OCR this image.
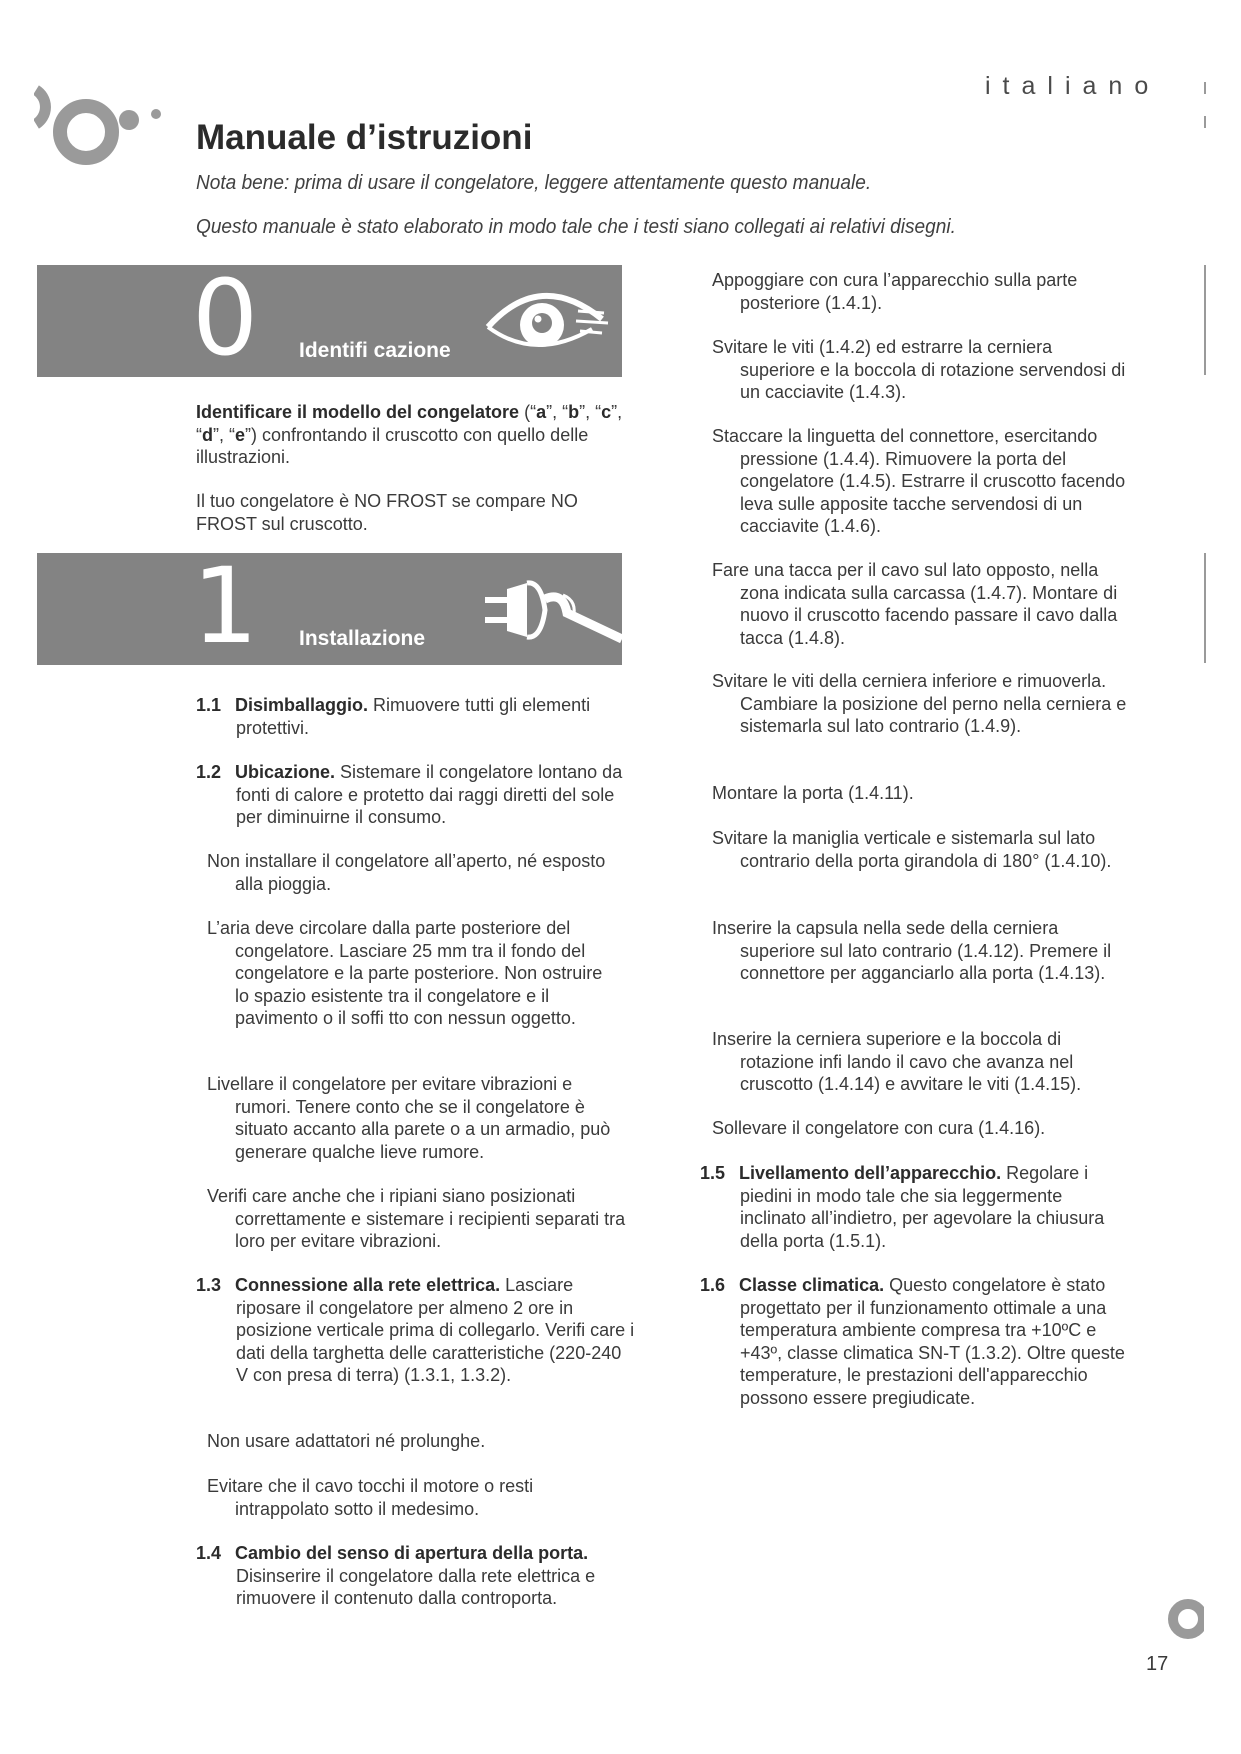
italiano
Manuale d’istruzioni

Nota bene: prima di usare il congelatore, leggere attentamente questo manuale.

Questo manuale è stato elaborato in modo tale che i testi siano collegati ai relativi disegni.

0 Identifi cazione

Identificare il modello del congelatore (“a”, “b”, “c”, “d”, “e”) confrontando il cruscotto con quello delle illustrazioni.

Il tuo congelatore è NO FROST se compare NO FROST sul cruscotto.

1 Installazione

1.1 Disimballaggio. Rimuovere tutti gli elementi protettivi.

1.2 Ubicazione. Sistemare il congelatore lontano da fonti di calore e protetto dai raggi diretti del sole per diminuirne il consumo.

Non installare il congelatore all’aperto, né esposto alla pioggia.

L’aria deve circolare dalla parte posteriore del congelatore. Lasciare 25 mm tra il fondo del congelatore e la parte posteriore. Non ostruire lo spazio esistente tra il congelatore e il pavimento o il soffi tto con nessun oggetto.

Livellare il congelatore per evitare vibrazioni e rumori. Tenere conto che se il congelatore è situato accanto alla parete o a un armadio, può generare qualche lieve rumore.

Verifi care anche che i ripiani siano posizionati correttamente e sistemare i recipienti separati tra loro per evitare vibrazioni.

1.3 Connessione alla rete elettrica. Lasciare riposare il congelatore per almeno 2 ore in posizione verticale prima di collegarlo. Verifi care i dati della targhetta delle caratteristiche (220-240 V con presa di terra) (1.3.1, 1.3.2).

Non usare adattatori né prolunghe.

Evitare che il cavo tocchi il motore o resti intrappolato sotto il medesimo.

1.4 Cambio del senso di apertura della porta. Disinserire il congelatore dalla rete elettrica e rimuovere il contenuto dalla controporta.

Appoggiare con cura l’apparecchio sulla parte posteriore (1.4.1).

Svitare le viti (1.4.2) ed estrarre la cerniera superiore e la boccola di rotazione servendosi di un cacciavite (1.4.3).

Staccare la linguetta del connettore, esercitando pressione (1.4.4). Rimuovere la porta del congelatore (1.4.5). Estrarre il cruscotto facendo leva sulle apposite tacche servendosi di un cacciavite (1.4.6).

Fare una tacca per il cavo sul lato opposto, nella zona indicata sulla carcassa (1.4.7). Montare di nuovo il cruscotto facendo passare il cavo dalla tacca (1.4.8).

Svitare le viti della cerniera inferiore e rimuoverla. Cambiare la posizione del perno nella cerniera e sistemarla sul lato contrario (1.4.9).

Montare la porta (1.4.11).

Svitare la maniglia verticale e sistemarla sul lato contrario della porta girandola di 180° (1.4.10).

Inserire la capsula nella sede della cerniera superiore sul lato contrario (1.4.12). Premere il connettore per agganciarlo alla porta (1.4.13).

Inserire la cerniera superiore e la boccola di rotazione infi lando il cavo che avanza nel cruscotto (1.4.14) e avvitare le viti (1.4.15).

Sollevare il congelatore con cura (1.4.16).

1.5 Livellamento dell’apparecchio. Regolare i piedini in modo tale che sia leggermente inclinato all’indietro, per agevolare la chiusura della porta (1.5.1).

1.6 Classe climatica. Questo congelatore è stato progettato per il funzionamento ottimale a una temperatura ambiente compresa tra +10ºC e +43º, classe climatica SN-T (1.3.2). Oltre queste temperature, le prestazioni dell'apparecchio possono essere pregiudicate.

17
